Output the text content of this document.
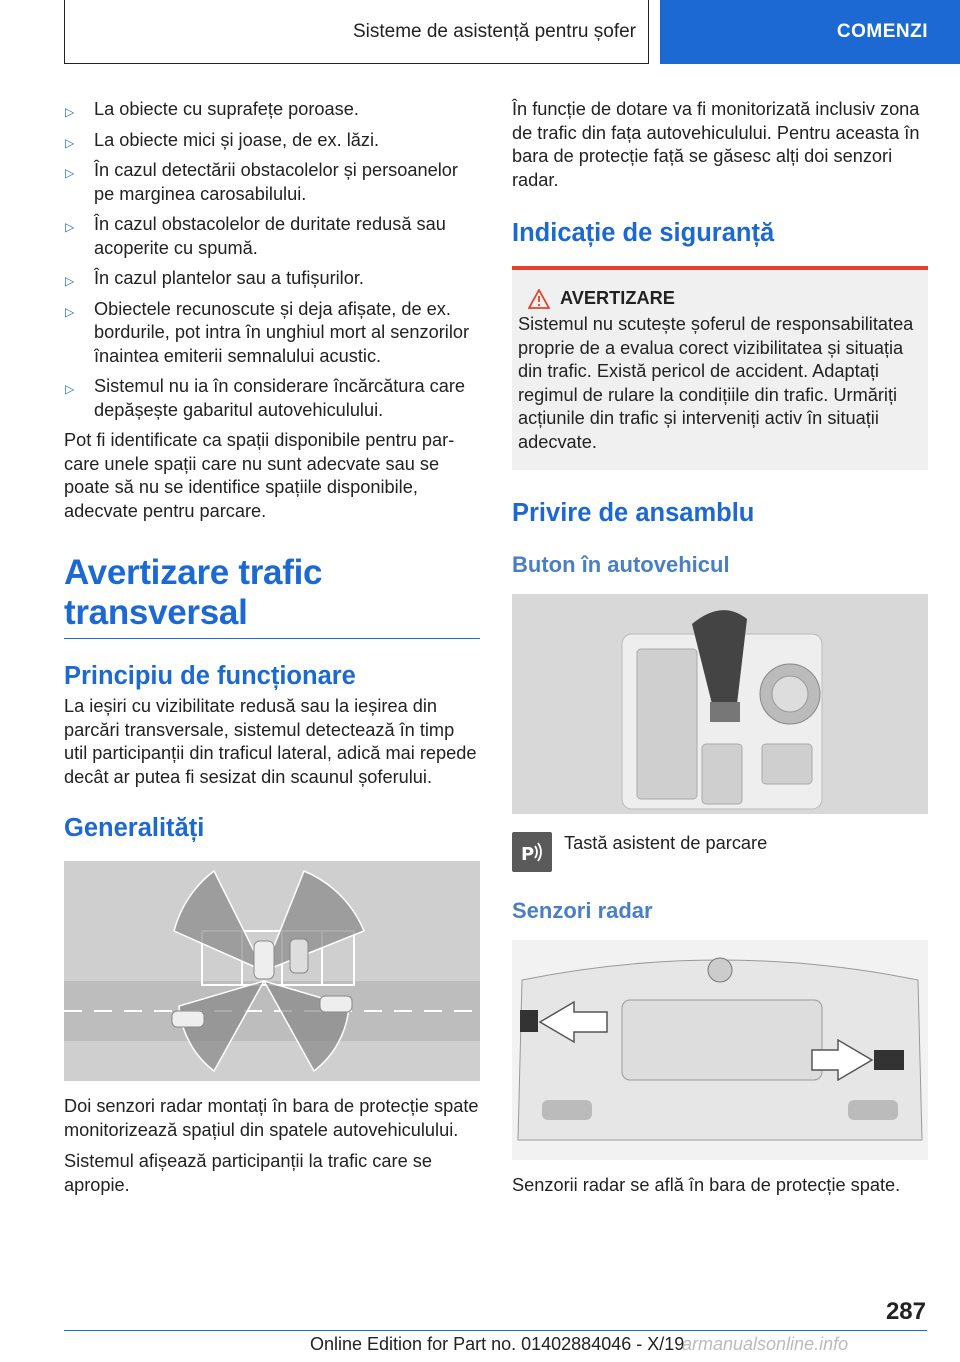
Sisteme de asistență pentru șofer	COMENZI
▷ La obiecte cu suprafețe poroase.
▷ La obiecte mici și joase, de ex. lăzi.
▷ În cazul detectării obstacolelor și persoanelor pe marginea carosabilului.
▷ În cazul obstacolelor de duritate redusă sau acoperite cu spumă.
▷ În cazul plantelor sau a tufișurilor.
▷ Obiectele recunoscute și deja afișate, de ex. bordurile, pot intra în unghiul mort al senzorilor înaintea emiterii semnalului acustic.
▷ Sistemul nu ia în considerare încărcătura care depășește gabaritul autovehiculului.

Pot fi identificate ca spații disponibile pentru parcare unele spații care nu sunt adecvate sau se poate să nu se identifice spațiile disponibile, adecvate pentru parcare.

Avertizare trafic transversal
Principiu de funcționare

La ieșiri cu vizibilitate redusă sau la ieșirea din parcări transversale, sistemul detectează în timp util participanții din traficul lateral, adică mai repede decât ar putea fi sesizat din scaunul șoferului.

Generalități

Doi senzori radar montați în bara de protecție spate monitorizează spațiul din spatele autovehiculului.

Sistemul afișează participanții la trafic care se apropie.

În funcție de dotare va fi monitorizată inclusiv zona de trafic din fața autovehiculului. Pentru aceasta în bara de protecție față se găsesc alți doi senzori radar.

Indicație de siguranță
AVERTIZARE

Sistemul nu scutește șoferul de responsabilitatea proprie de a evalua corect vizibilitatea și situația din trafic. Există pericol de accident. Adaptați regimul de rulare la condițiile din trafic. Urmăriți acțiunile din trafic și interveniți activ în situații adecvate.

Privire de ansamblu
Buton în autovehicul
P

Tastă asistent de parcare

Senzori radar

Senzorii radar se află în bara de protecție spate.

287
Online Edition for Part no. 01402884046 - X/19
armanualsonline.info
